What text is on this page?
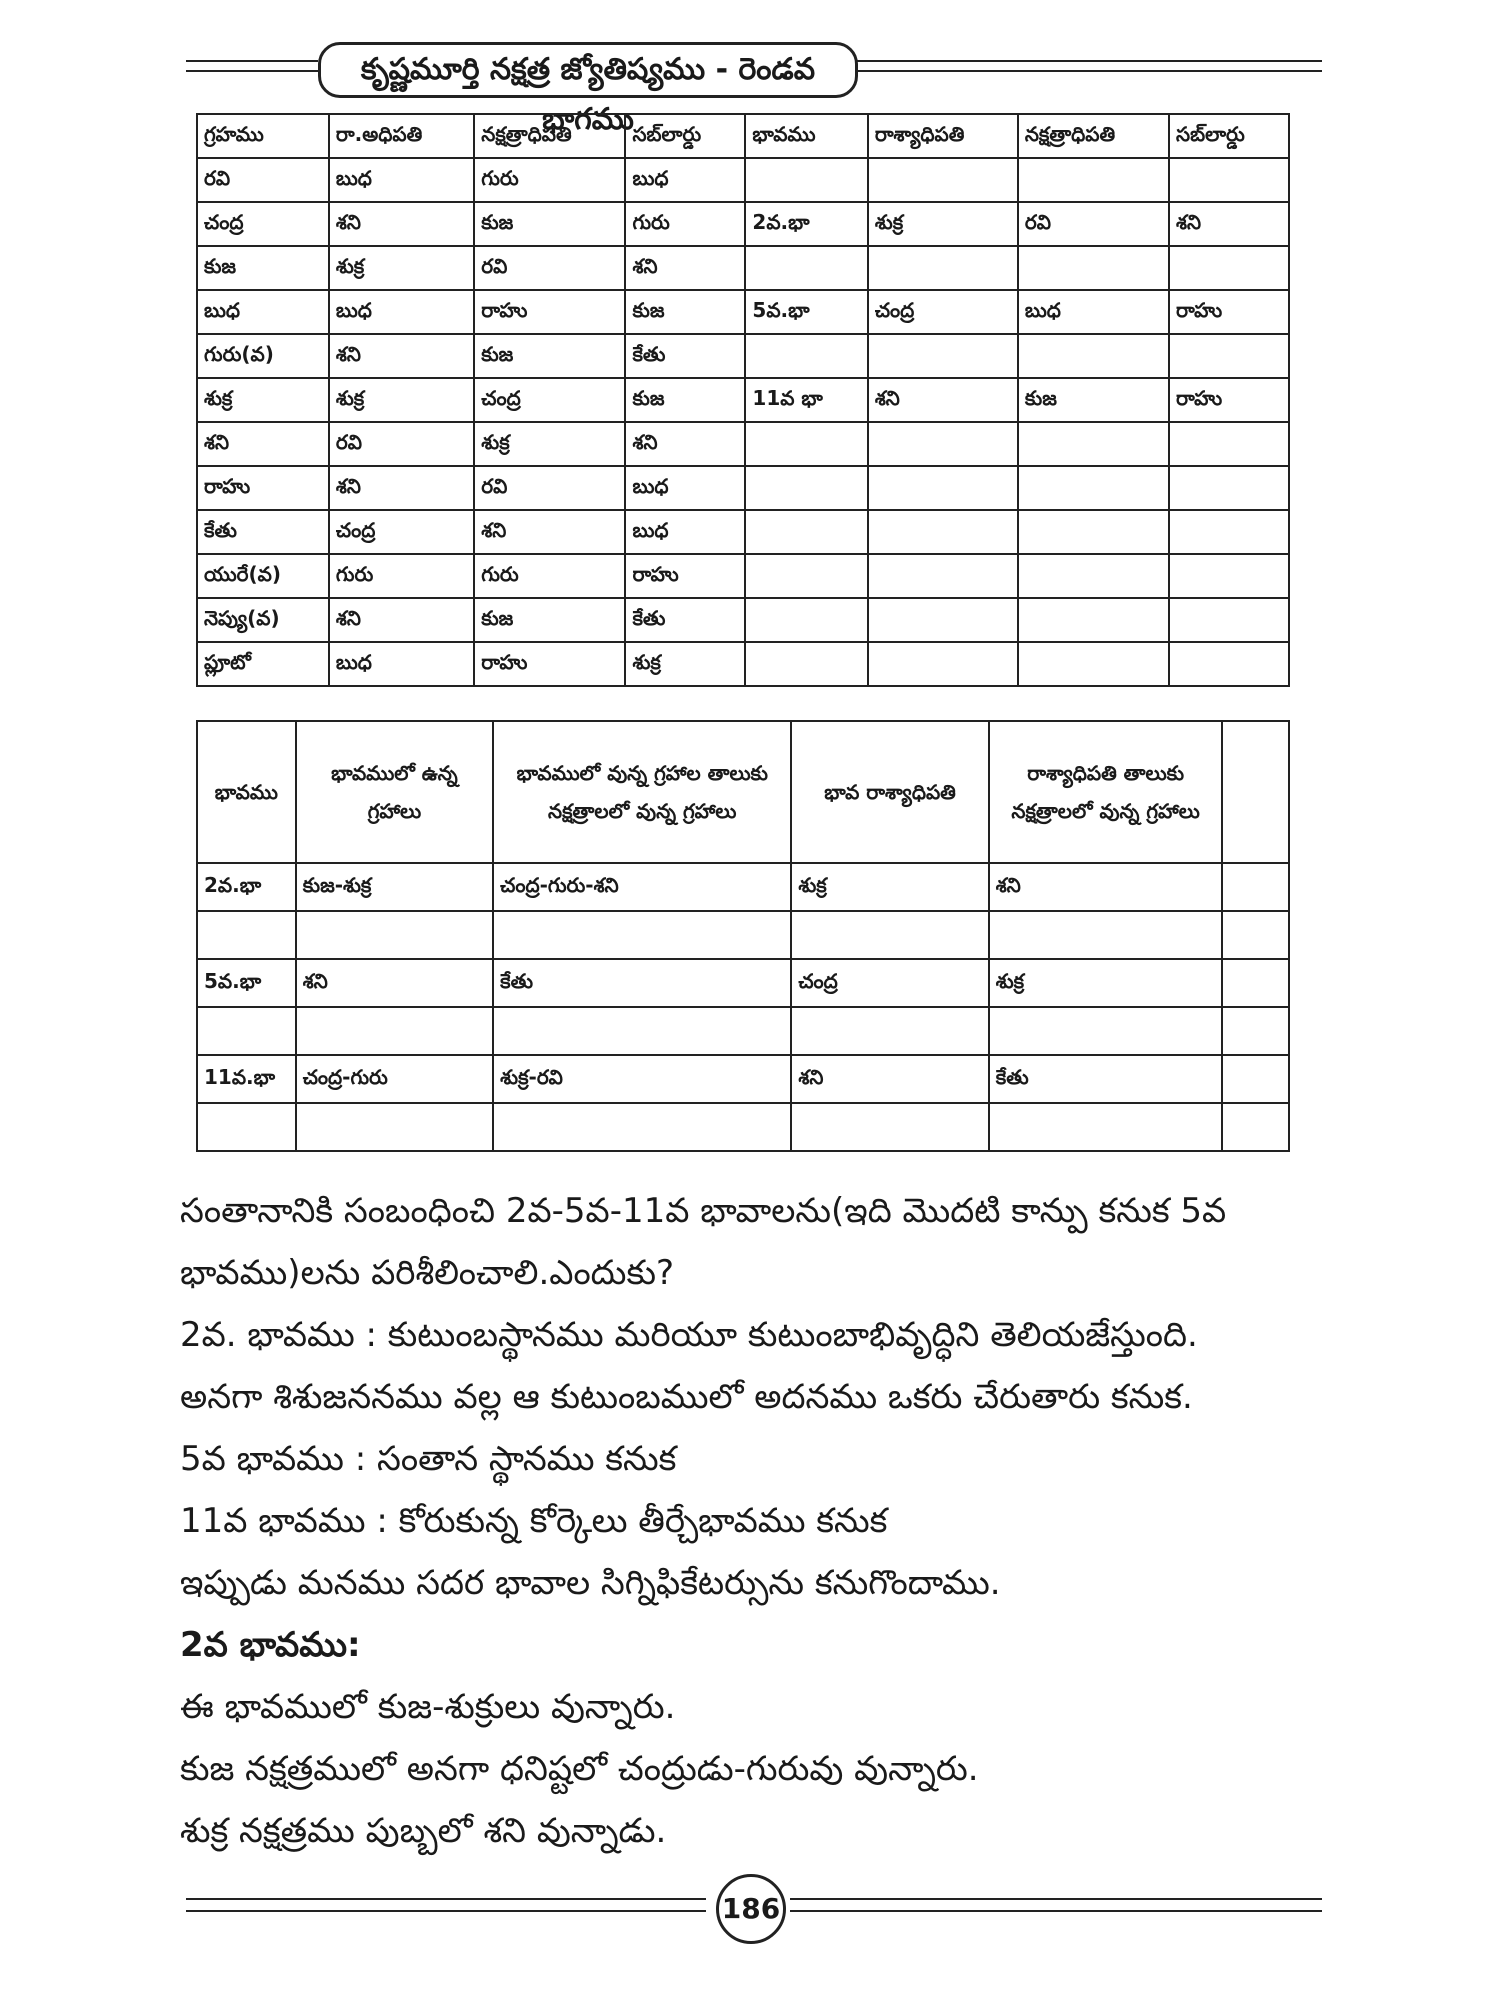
కృష్ణమూర్తి నక్షత్ర జ్యోతిష్యము - రెండవ భాగము
గ్రహము	రా.అధిపతి	నక్షత్రాధిపతి	సబ్‌లార్డు	భావము	రాశ్యాధిపతి	నక్షత్రాధిపతి	సబ్‌లార్డు
రవి	బుధ	గురు	బుధ				
చంద్ర	శని	కుజ	గురు	2వ.భా	శుక్ర	రవి	శని
కుజ	శుక్ర	రవి	శని				
బుధ	బుధ	రాహు	కుజ	5వ.భా	చంద్ర	బుధ	రాహు
గురు(వ)	శని	కుజ	కేతు				
శుక్ర	శుక్ర	చంద్ర	కుజ	11వ భా	శని	కుజ	రాహు
శని	రవి	శుక్ర	శని				
రాహు	శని	రవి	బుధ				
కేతు	చంద్ర	శని	బుధ				
యురే(వ)	గురు	గురు	రాహు				
నెప్యు(వ)	శని	కుజ	కేతు				
ప్లూటో	బుధ	రాహు	శుక్ర				
భావము	భావములో ఉన్న గ్రహాలు	భావములో వున్న గ్రహాల తాలుకు నక్షత్రాలలో వున్న గ్రహాలు	భావ రాశ్యాధిపతి	రాశ్యాధిపతి తాలుకు నక్షత్రాలలో వున్న గ్రహాలు	
2వ.భా	కుజ-శుక్ర	చంద్ర-గురు-శని	శుక్ర	శని	

5వ.భా	శని	కేతు	చంద్ర	శుక్ర	

11వ.భా	చంద్ర-గురు	శుక్ర-రవి	శని	కేతు	

సంతానానికి సంబంధించి 2వ-5వ-11వ భావాలను(ఇది మొదటి కాన్పు కనుక 5వ

భావము)లను పరిశీలించాలి.ఎందుకు?

2వ. భావము : కుటుంబస్థానము మరియూ కుటుంబాభివృద్ధిని తెలియజేస్తుంది.

అనగా శిశుజననము వల్ల ఆ కుటుంబములో అదనము ఒకరు చేరుతారు కనుక.

5వ భావము : సంతాన స్థానము కనుక

11వ భావము : కోరుకున్న కోర్కెలు తీర్చేభావము కనుక

ఇప్పుడు మనము సదర భావాల సిగ్నిఫికేటర్సును కనుగొందాము.

2వ భావము:

ఈ భావములో కుజ-శుక్రులు వున్నారు.

కుజ నక్షత్రములో అనగా ధనిష్టలో చంద్రుడు-గురువు వున్నారు.

శుక్ర నక్షత్రము పుబ్బలో శని వున్నాడు.

186
